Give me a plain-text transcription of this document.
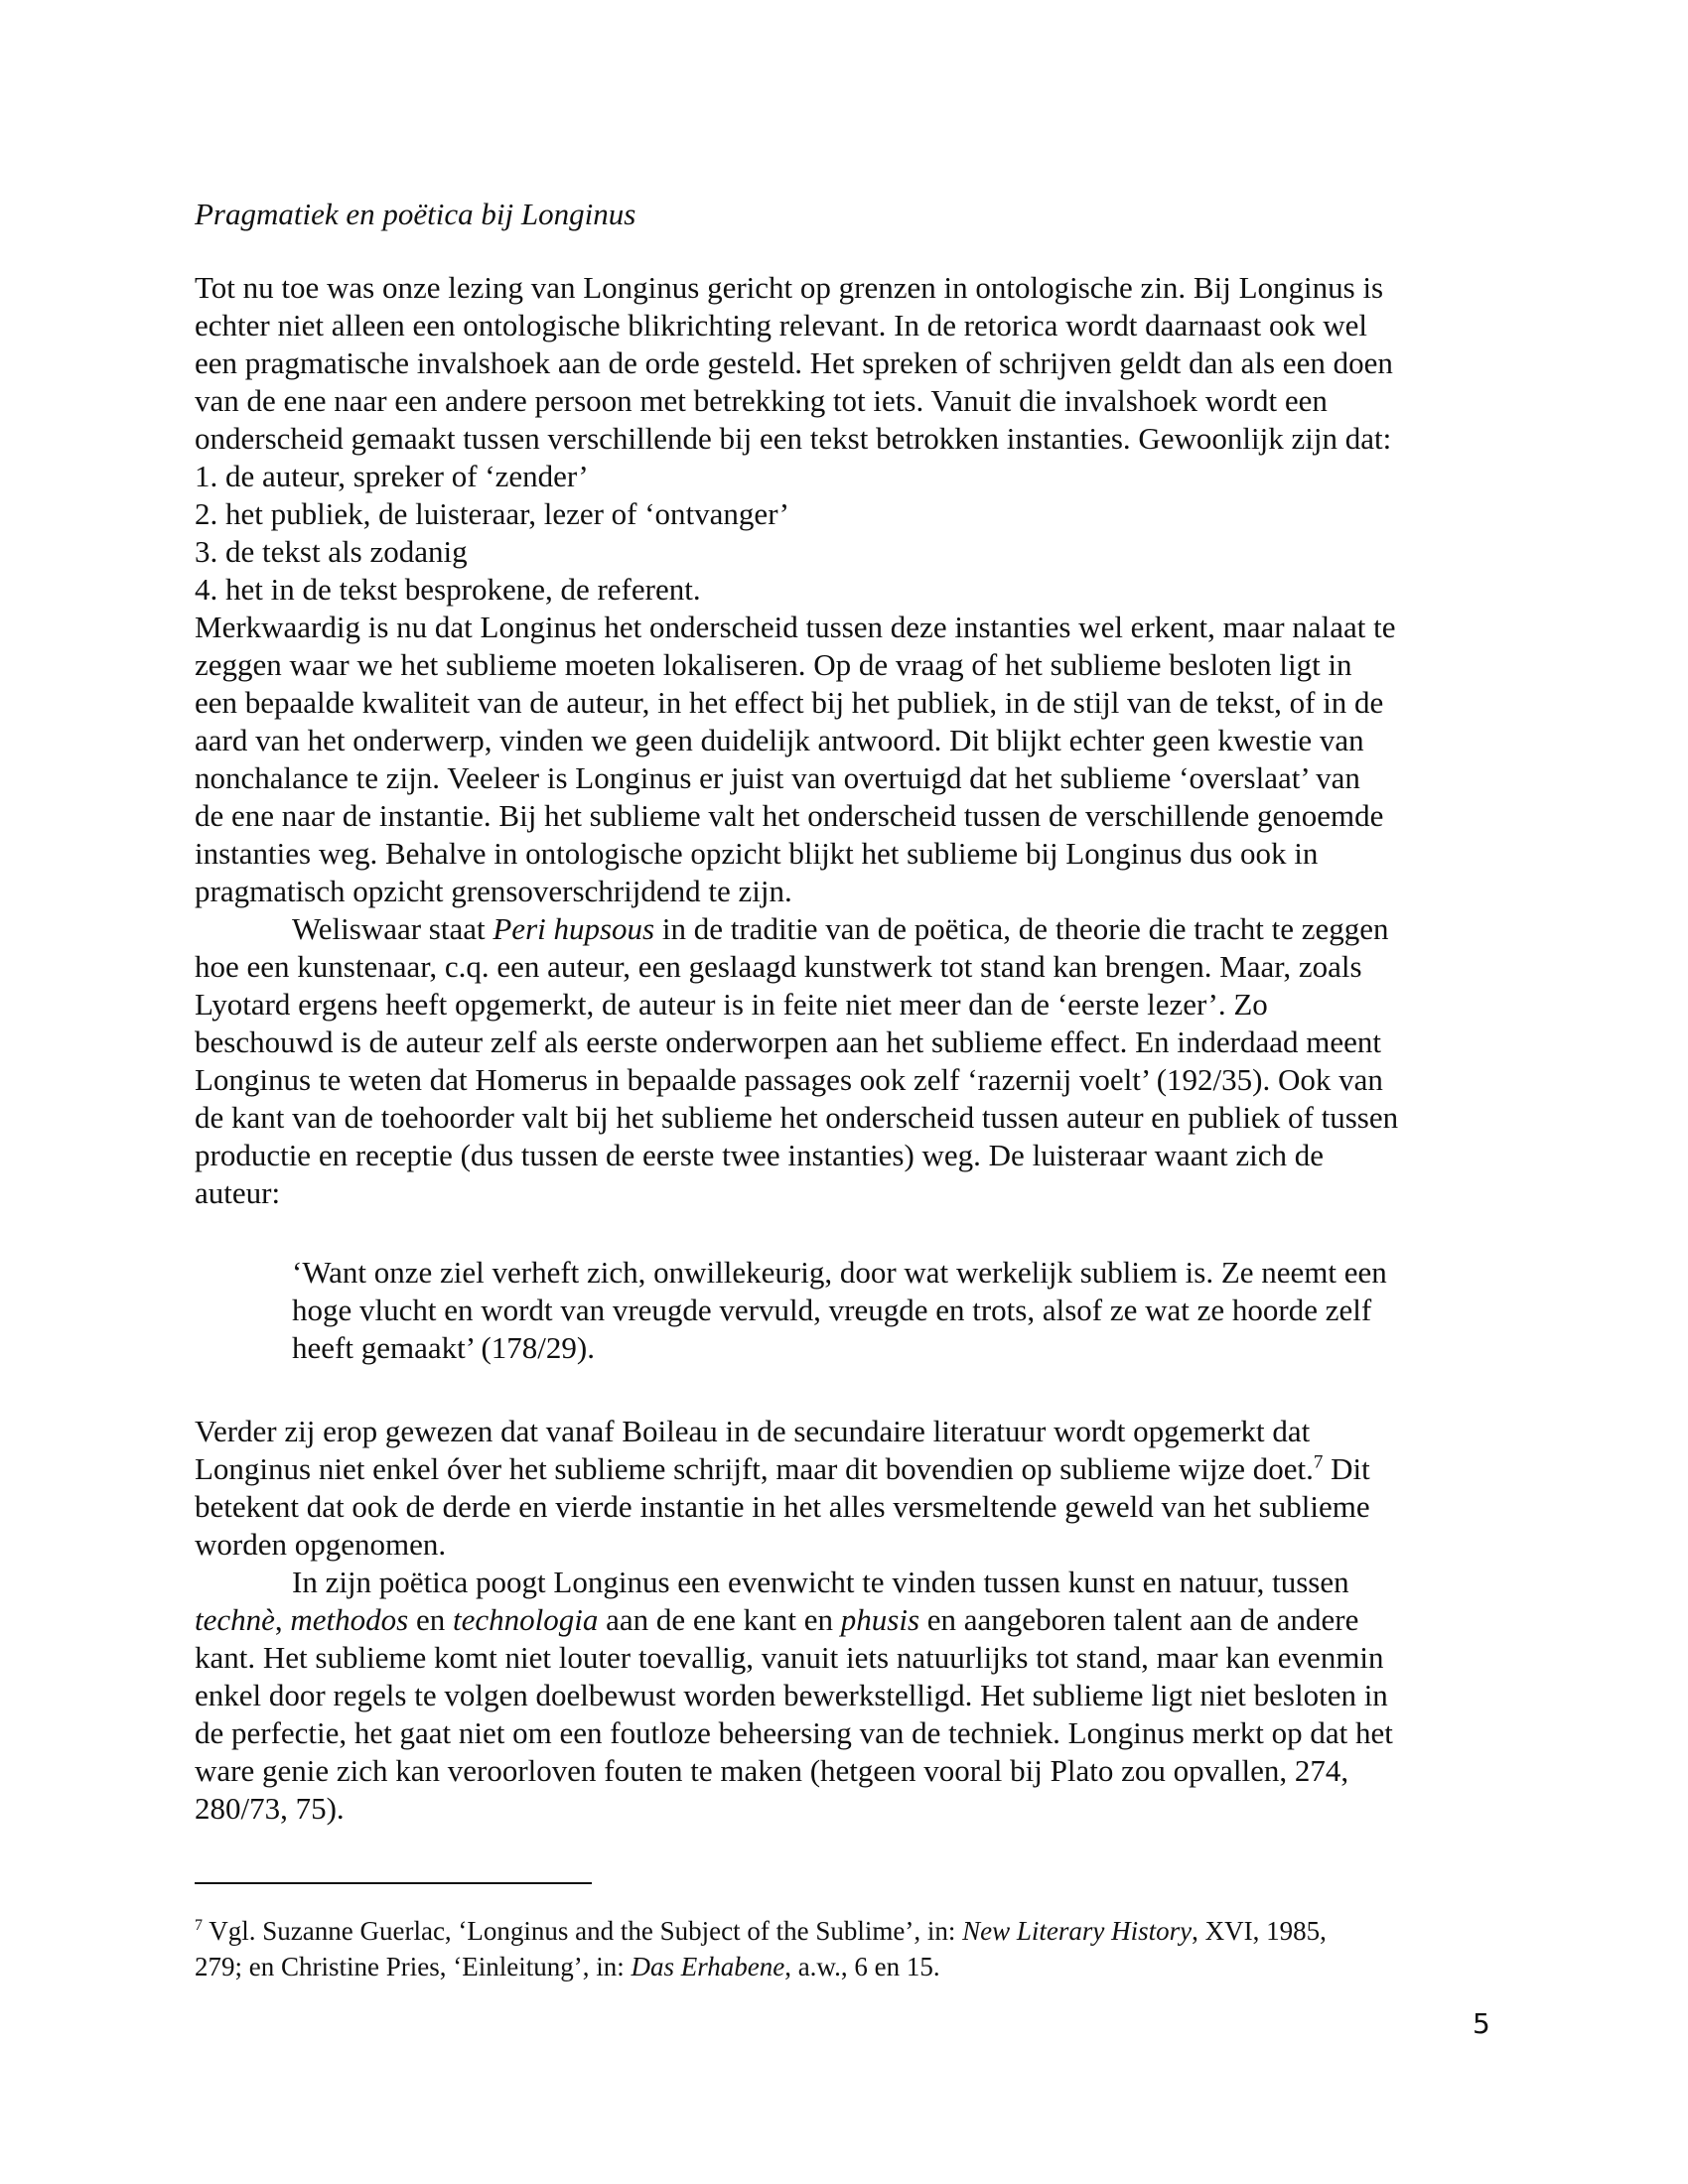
Pragmatiek en poëtica bij Longinus
Tot nu toe was onze lezing van Longinus gericht op grenzen in ontologische zin. Bij Longinus is
echter niet alleen een ontologische blikrichting relevant. In de retorica wordt daarnaast ook wel
een pragmatische invalshoek aan de orde gesteld. Het spreken of schrijven geldt dan als een doen
van de ene naar een andere persoon met betrekking tot iets. Vanuit die invalshoek wordt een
onderscheid gemaakt tussen verschillende bij een tekst betrokken instanties. Gewoonlijk zijn dat:
1. de auteur, spreker of ‘zender’
2. het publiek, de luisteraar, lezer of ‘ontvanger’
3. de tekst als zodanig
4. het in de tekst besprokene, de referent.
Merkwaardig is nu dat Longinus het onderscheid tussen deze instanties wel erkent, maar nalaat te
zeggen waar we het sublieme moeten lokaliseren. Op de vraag of het sublieme besloten ligt in
een bepaalde kwaliteit van de auteur, in het effect bij het publiek, in de stijl van de tekst, of in de
aard van het onderwerp, vinden we geen duidelijk antwoord. Dit blijkt echter geen kwestie van
nonchalance te zijn. Veeleer is Longinus er juist van overtuigd dat het sublieme ‘overslaat’ van
de ene naar de instantie. Bij het sublieme valt het onderscheid tussen de verschillende genoemde
instanties weg. Behalve in ontologische opzicht blijkt het sublieme bij Longinus dus ook in
pragmatisch opzicht grensoverschrijdend te zijn.
Weliswaar staat Peri hupsous in de traditie van de poëtica, de theorie die tracht te zeggen
hoe een kunstenaar, c.q. een auteur, een geslaagd kunstwerk tot stand kan brengen. Maar, zoals
Lyotard ergens heeft opgemerkt, de auteur is in feite niet meer dan de ‘eerste lezer’. Zo
beschouwd is de auteur zelf als eerste onderworpen aan het sublieme effect. En inderdaad meent
Longinus te weten dat Homerus in bepaalde passages ook zelf ‘razernij voelt’ (192/35). Ook van
de kant van de toehoorder valt bij het sublieme het onderscheid tussen auteur en publiek of tussen
productie en receptie (dus tussen de eerste twee instanties) weg. De luisteraar waant zich de
auteur:
‘Want onze ziel verheft zich, onwillekeurig, door wat werkelijk subliem is. Ze neemt een
hoge vlucht en wordt van vreugde vervuld, vreugde en trots, alsof ze wat ze hoorde zelf
heeft gemaakt’ (178/29).
Verder zij erop gewezen dat vanaf Boileau in de secundaire literatuur wordt opgemerkt dat
Longinus niet enkel óver het sublieme schrijft, maar dit bovendien op sublieme wijze doet.$^7$ Dit
betekent dat ook de derde en vierde instantie in het alles versmeltende geweld van het sublieme
worden opgenomen.
In zijn poëtica poogt Longinus een evenwicht te vinden tussen kunst en natuur, tussen
technè, methodos en technologia aan de ene kant en phusis en aangeboren talent aan de andere
kant. Het sublieme komt niet louter toevallig, vanuit iets natuurlijks tot stand, maar kan evenmin
enkel door regels te volgen doelbewust worden bewerkstelligd. Het sublieme ligt niet besloten in
de perfectie, het gaat niet om een foutloze beheersing van de techniek. Longinus merkt op dat het
ware genie zich kan veroorloven fouten te maken (hetgeen vooral bij Plato zou opvallen, 274,
280/73, 75).
$^7$ Vgl. Suzanne Guerlac, ‘Longinus and the Subject of the Sublime’, in: New Literary History, XVI, 1985,
279; en Christine Pries, ‘Einleitung’, in: Das Erhabene, a.w., 6 en 15.
5
